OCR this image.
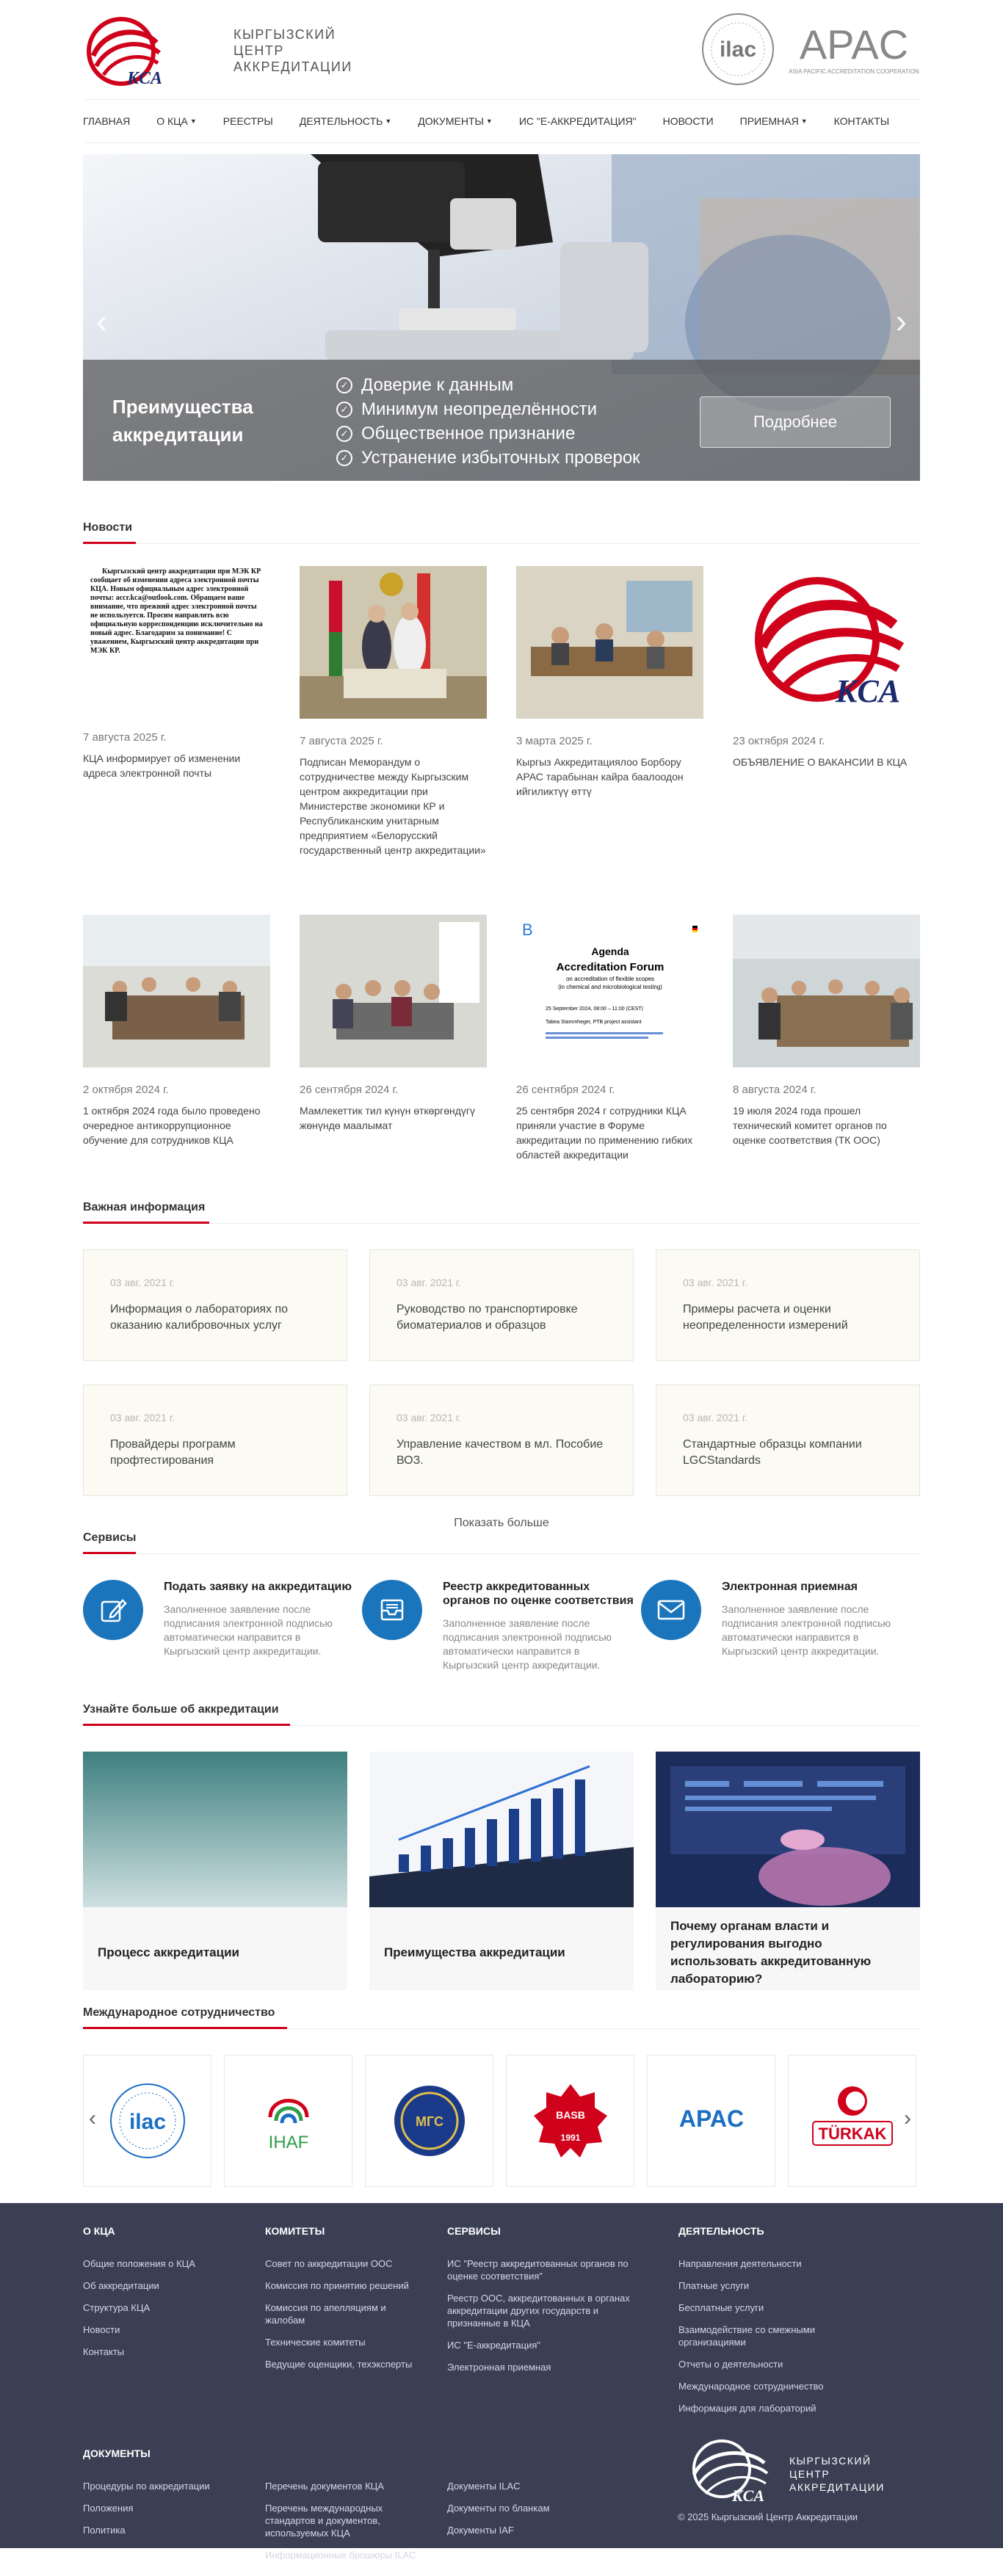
KCA
КЫРГЫЗСКИЙ
ЦЕНТР
АККРЕДИТАЦИИ
ilac APAC
ASIA PACIFIC ACCREDITATION COOPERATION
ГЛАВНАЯ	О КЦА ▼	РЕЕСТРЫ	ДЕЯТЕЛЬНОСТЬ ▼	ДОКУМЕНТЫ ▼	ИС "Е-АККРЕДИТАЦИЯ"	НОВОСТИ	ПРИЕМНАЯ ▼	КОНТАКТЫ
‹	›
Преимущества аккредитации
✓ Доверие к данным
✓ Минимум неопределённости
✓ Общественное признание
✓ Устранение избыточных проверок
Подробнее
Новости
Кыргызский центр аккредитации при МЭК КР сообщает об изменении адреса электронной почты КЦА. Новым официальным адрес электронной почты: accr.kca@outlook.com. Обращаем ваше внимание, что прежний адрес электронной почты не используется. Просим направлять всю официальную корреспонденцию исключительно на новый адрес. Благодарим за понимание! С уважением, Кыргызский центр аккредитации при МЭК КР.
7 августа 2025 г.
КЦА информирует об изменении адреса электронной почты
7 августа 2025 г.
Подписан Меморандум о сотрудничестве между Кыргызским центром аккредитации при Министерстве экономики КР и Республиканским унитарным предприятием «Белорусский государственный центр аккредитации»
3 марта 2025 г.
Кыргыз Аккредитациялоо Борбору АРАС тарабынан кайра баалоодон ийгиликтүү өттү
KCA
23 октября 2024 г.
ОБЪЯВЛЕНИЕ О ВАКАНСИИ В КЦА
2 октября 2024 г.
1 октября 2024 года было проведено очередное антикоррупционное обучение для сотрудников КЦА
26 сентября 2024 г.
Мамлекеттик тил күнүн өткөргөндүгү жөнүндө маалымат
B
Agenda
Accreditation Forum
on accreditation of flexible scopes
(in chemical and microbiological testing)
25 September 2024, 08:00 – 11:00 (CEST)
Tabea Stammheger, PTB project assistant
26 сентября 2024 г.
25 сентября 2024 г сотрудники КЦА приняли участие в Форуме аккредитации по применению гибких областей аккредитации
8 августа 2024 г.
19 июля 2024 года прошел технический комитет органов по оценке соответствия (ТК ООС)
Важная информация
03 авг. 2021 г.
Информация о лабораториях по оказанию калибровочных услуг
03 авг. 2021 г.
Руководство по транспортировке биоматериалов и образцов
03 авг. 2021 г.
Примеры расчета и оценки неопределенности измерений
03 авг. 2021 г.
Провайдеры программ профтестирования
03 авг. 2021 г.
Управление качеством в мл. Пособие ВОЗ.
03 авг. 2021 г.
Стандартные образцы компании LGCStandards
Показать больше
Сервисы
Подать заявку на аккредитацию
Заполненное заявление после подписания электронной подписью автоматически направится в Кыргызский центр аккредитации.
Реестр аккредитованных органов по оценке соответствия
Заполненное заявление после подписания электронной подписью автоматически направится в Кыргызский центр аккредитации.
Электронная приемная
Заполненное заявление после подписания электронной подписью автоматически направится в Кыргызский центр аккредитации.
Узнайте больше об аккредитации
Процесс аккредитации	Преимущества аккредитации
Почему органам власти и регулирования выгодно использовать аккредитованную лабораторию?
Международное сотрудничество
ilac
IHAF
МГС	BASB
1991
APAC
TÜRKAK
‹	›
О КЦА
Общие положения о КЦА
Об аккредитации
Структура КЦА
Новости
Контакты
КОМИТЕТЫ
Совет по аккредитации ООС
Комиссия по принятию решений
Комиссия по апелляциям и жалобам
Технические комитеты
Ведущие оценщики, техэксперты
СЕРВИСЫ
ИС "Реестр аккредитованных органов по оценке соответствия"
Реестр ООС, аккредитованных в органах аккредитации других государств и признанные в КЦА
ИС "Е-аккредитация"
Электронная приемная
ДЕЯТЕЛЬНОСТЬ
Направления деятельности
Платные услуги
Бесплатные услуги
Взаимодействие со смежными организациями
Отчеты о деятельности
Международное сотрудничество
Информация для лабораторий
ДОКУМЕНТЫ
Процедуры по аккредитации
Положения
Политика
Перечень документов КЦА
Перечень международных стандартов и документов, используемых КЦА
Информационные брошюры ILAC
Документы ILAC
Документы по бланкам
Документы IAF
KCA
КЫРГЫЗСКИЙ
ЦЕНТР
АККРЕДИТАЦИИ
© 2025 Кыргызский Центр Аккредитации
